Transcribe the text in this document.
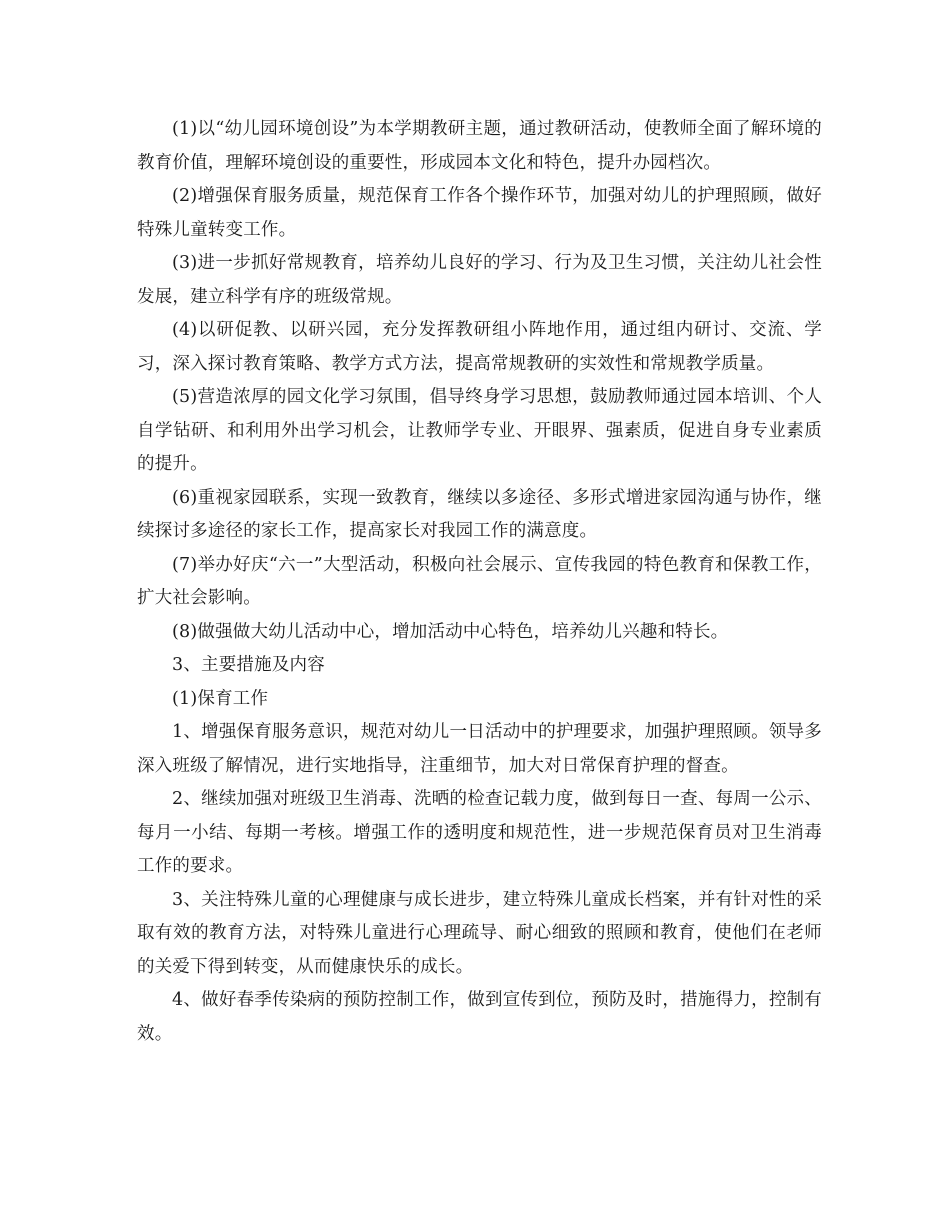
(1)以“幼儿园环境创设”为本学期教研主题，通过教研活动，使教师全面了解环境的教育价值，理解环境创设的重要性，形成园本文化和特色，提升办园档次。

(2)增强保育服务质量，规范保育工作各个操作环节，加强对幼儿的护理照顾，做好特殊儿童转变工作。

(3)进一步抓好常规教育，培养幼儿良好的学习、行为及卫生习惯，关注幼儿社会性发展，建立科学有序的班级常规。

(4)以研促教、以研兴园，充分发挥教研组小阵地作用，通过组内研讨、交流、学习，深入探讨教育策略、教学方式方法，提高常规教研的实效性和常规教学质量。

(5)营造浓厚的园文化学习氛围，倡导终身学习思想，鼓励教师通过园本培训、个人自学钻研、和利用外出学习机会，让教师学专业、开眼界、强素质，促进自身专业素质的提升。

(6)重视家园联系，实现一致教育，继续以多途径、多形式增进家园沟通与协作，继续探讨多途径的家长工作，提高家长对我园工作的满意度。

(7)举办好庆“六一”大型活动，积极向社会展示、宣传我园的特色教育和保教工作，扩大社会影响。

(8)做强做大幼儿活动中心，增加活动中心特色，培养幼儿兴趣和特长。

3、主要措施及内容

(1)保育工作

1、增强保育服务意识，规范对幼儿一日活动中的护理要求，加强护理照顾。领导多深入班级了解情况，进行实地指导，注重细节，加大对日常保育护理的督查。

2、继续加强对班级卫生消毒、洗晒的检查记载力度，做到每日一查、每周一公示、每月一小结、每期一考核。增强工作的透明度和规范性，进一步规范保育员对卫生消毒工作的要求。

3、关注特殊儿童的心理健康与成长进步，建立特殊儿童成长档案，并有针对性的采取有效的教育方法，对特殊儿童进行心理疏导、耐心细致的照顾和教育，使他们在老师的关爱下得到转变，从而健康快乐的成长。

4、做好春季传染病的预防控制工作，做到宣传到位，预防及时，措施得力，控制有效。
